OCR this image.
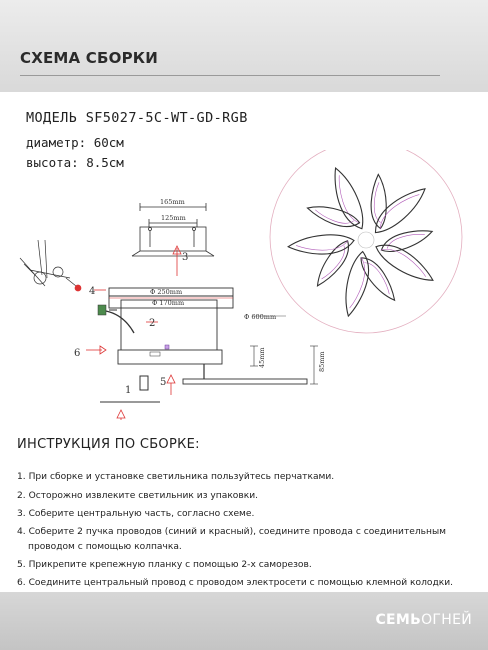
СХЕМА СБОРКИ
МОДЕЛЬ SF5027-5C-WT-GD-RGB
диаметр: 60см
высота: 8.5см
Φ 600mm
165mm
125mm
Φ 250mm
Φ 170mm
45mm	85mm
1
2
3
4
5
6
ИНСТРУКЦИЯ ПО СБОРКЕ:
1. При сборке и установке светильника пользуйтесь перчатками.
2. Осторожно извлеките светильник из упаковки.
3. Соберите центральную часть, согласно схеме.
4. Соберите 2 пучка проводов (синий и красный), соедините провода с соединительным
проводом с помощью колпачка.
5. Прикрепите крепежную планку с помощью 2-х саморезов.
6. Соедините центральный провод с проводом электросети с помощью клемной колодки.
СЕМЬОГНЕЙ
